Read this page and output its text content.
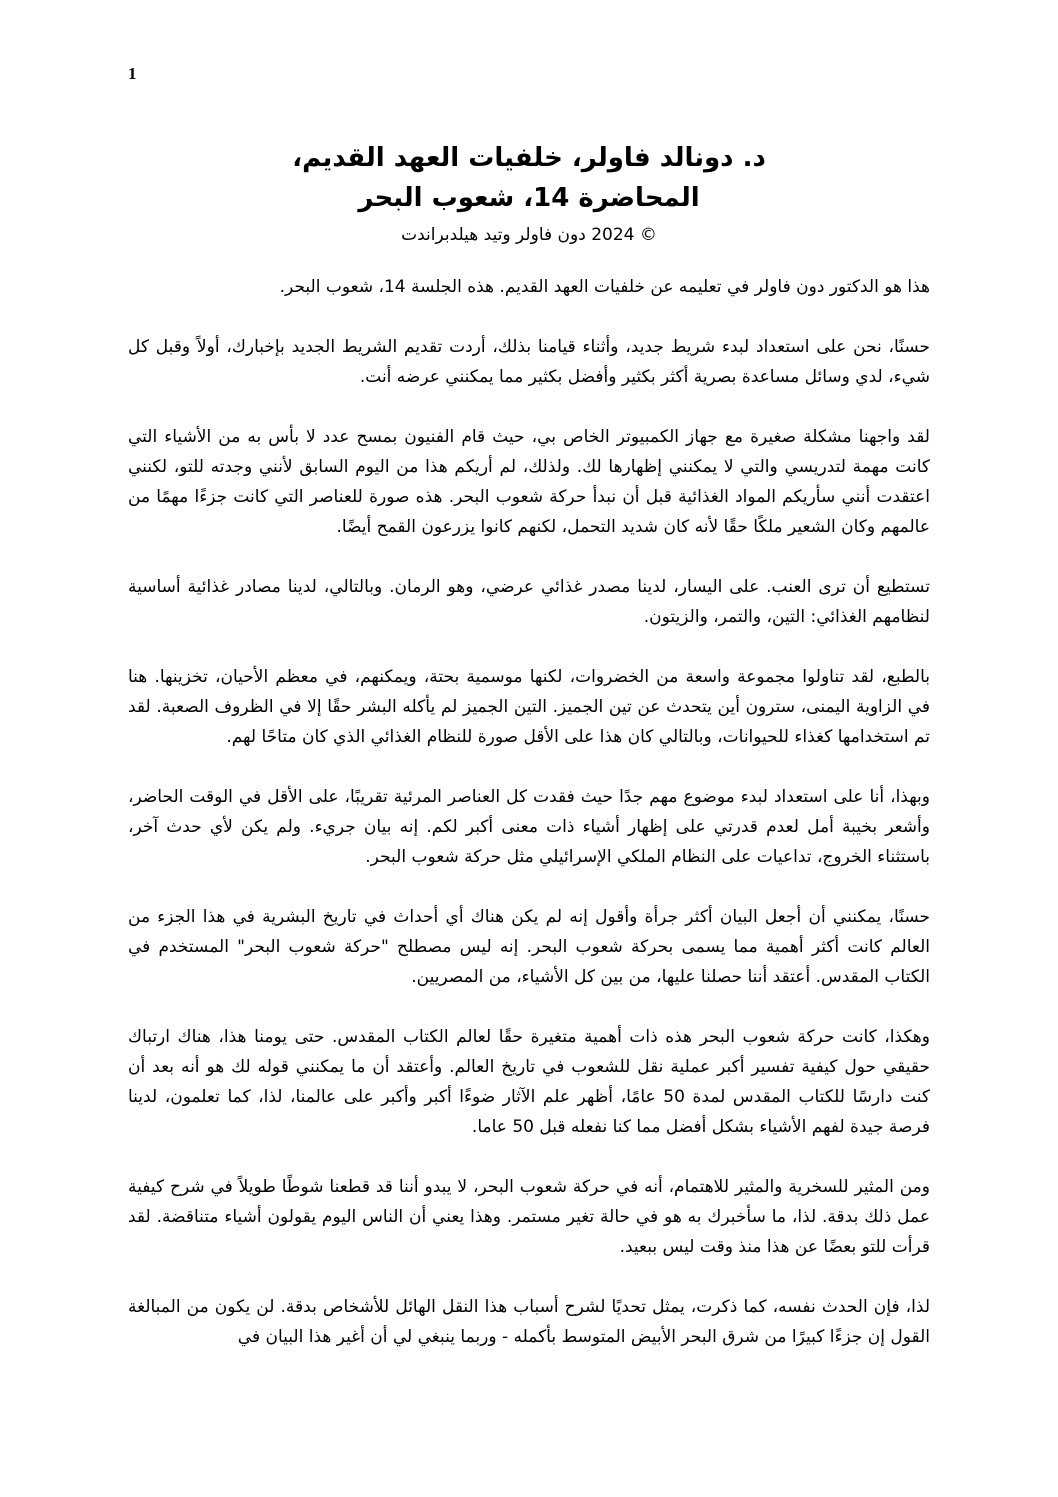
1
د. دونالد فاولر، خلفيات العهد القديم،
المحاضرة 14، شعوب البحر
© 2024 دون فاولر وتيد هيلدبراندت

هذا هو الدكتور دون فاولر في تعليمه عن خلفيات العهد القديم. هذه الجلسة 14، شعوب البحر.

حسنًا، نحن على استعداد لبدء شريط جديد، وأثناء قيامنا بذلك، أردت تقديم الشريط الجديد بإخبارك، أولاً وقبل كل شيء، لدي وسائل مساعدة بصرية أكثر بكثير وأفضل بكثير مما يمكنني عرضه أنت.

لقد واجهنا مشكلة صغيرة مع جهاز الكمبيوتر الخاص بي، حيث قام الفنيون بمسح عدد لا بأس به من الأشياء التي كانت مهمة لتدريسي والتي لا يمكنني إظهارها لك. ولذلك، لم أريكم هذا من اليوم السابق لأنني وجدته للتو، لكنني اعتقدت أنني سأريكم المواد الغذائية قبل أن نبدأ حركة شعوب البحر. هذه صورة للعناصر التي كانت جزءًا مهمًا من عالمهم وكان الشعير ملكًا حقًا لأنه كان شديد التحمل، لكنهم كانوا يزرعون القمح أيضًا.

تستطيع أن ترى العنب. على اليسار، لدينا مصدر غذائي عرضي، وهو الرمان. وبالتالي، لدينا مصادر غذائية أساسية لنظامهم الغذائي: التين، والتمر، والزيتون.

بالطبع، لقد تناولوا مجموعة واسعة من الخضروات، لكنها موسمية بحتة، ويمكنهم، في معظم الأحيان، تخزينها. هنا في الزاوية اليمنى، سترون أين يتحدث عن تين الجميز. التين الجميز لم يأكله البشر حقًا إلا في الظروف الصعبة. لقد تم استخدامها كغذاء للحيوانات، وبالتالي كان هذا على الأقل صورة للنظام الغذائي الذي كان متاحًا لهم.

وبهذا، أنا على استعداد لبدء موضوع مهم جدًا حيث فقدت كل العناصر المرئية تقريبًا، على الأقل في الوقت الحاضر، وأشعر بخيبة أمل لعدم قدرتي على إظهار أشياء ذات معنى أكبر لكم. إنه بيان جريء. ولم يكن لأي حدث آخر، باستثناء الخروج، تداعيات على النظام الملكي الإسرائيلي مثل حركة شعوب البحر.

حسنًا، يمكنني أن أجعل البيان أكثر جرأة وأقول إنه لم يكن هناك أي أحداث في تاريخ البشرية في هذا الجزء من العالم كانت أكثر أهمية مما يسمى بحركة شعوب البحر. إنه ليس مصطلح "حركة شعوب البحر" المستخدم في الكتاب المقدس. أعتقد أننا حصلنا عليها، من بين كل الأشياء، من المصريين.

وهكذا، كانت حركة شعوب البحر هذه ذات أهمية متغيرة حقًا لعالم الكتاب المقدس. حتى يومنا هذا، هناك ارتباك حقيقي حول كيفية تفسير أكبر عملية نقل للشعوب في تاريخ العالم. وأعتقد أن ما يمكنني قوله لك هو أنه بعد أن كنت دارسًا للكتاب المقدس لمدة 50 عامًا، أظهر علم الآثار ضوءًا أكبر وأكبر على عالمنا، لذا، كما تعلمون، لدينا فرصة جيدة لفهم الأشياء بشكل أفضل مما كنا نفعله قبل 50 عاما.

ومن المثير للسخرية والمثير للاهتمام، أنه في حركة شعوب البحر، لا يبدو أننا قد قطعنا شوطًا طويلاً في شرح كيفية عمل ذلك بدقة. لذا، ما سأخبرك به هو في حالة تغير مستمر. وهذا يعني أن الناس اليوم يقولون أشياء متناقضة. لقد قرأت للتو بعضًا عن هذا منذ وقت ليس ببعيد.

لذا، فإن الحدث نفسه، كما ذكرت، يمثل تحديًا لشرح أسباب هذا النقل الهائل للأشخاص بدقة. لن يكون من المبالغة القول إن جزءًا كبيرًا من شرق البحر الأبيض المتوسط بأكمله - وربما ينبغي لي أن أغير هذا البيان في
